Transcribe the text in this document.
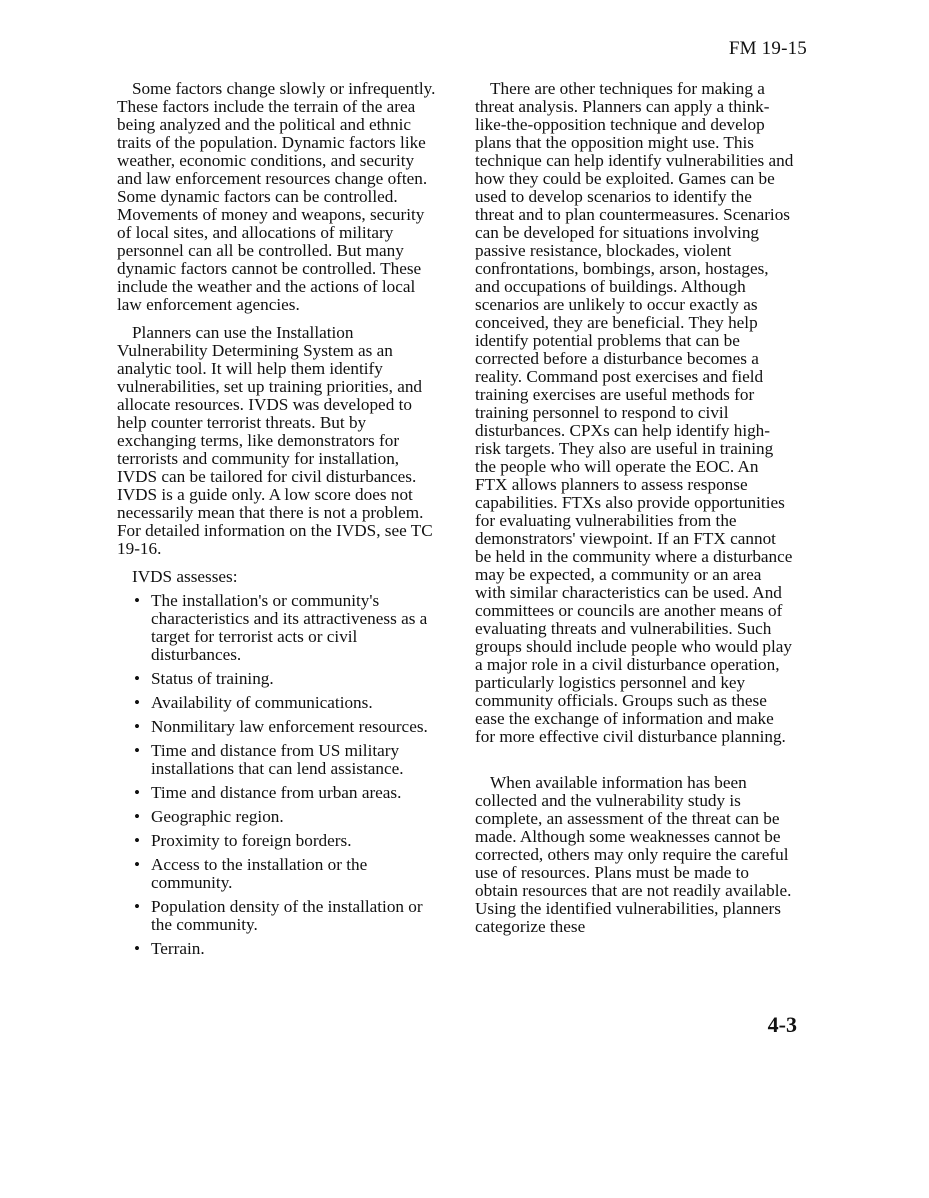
FM 19-15

Some factors change slowly or infrequently. These factors include the terrain of the area being analyzed and the political and ethnic traits of the population. Dynamic factors like weather, economic conditions, and security and law enforcement resources change often. Some dynamic factors can be controlled. Movements of money and weapons, security of local sites, and allocations of military personnel can all be controlled. But many dynamic factors cannot be controlled. These include the weather and the actions of local law enforcement agencies.

Planners can use the Installation Vulnerability Determining System as an analytic tool. It will help them identify vulnerabilities, set up training priorities, and allocate resources. IVDS was developed to help counter terrorist threats. But by exchanging terms, like demonstrators for terrorists and community for installation, IVDS can be tailored for civil disturbances. IVDS is a guide only. A low score does not necessarily mean that there is not a problem. For detailed information on the IVDS, see TC 19-16.

IVDS assesses:

• The installation's or community's characteristics and its attractiveness as a target for terrorist acts or civil disturbances.
• Status of training.
• Availability of communications.
• Nonmilitary law enforcement resources.
• Time and distance from US military installations that can lend assistance.
• Time and distance from urban areas.
• Geographic region.
• Proximity to foreign borders.
• Access to the installation or the community.
• Population density of the installation or the community.
• Terrain.

There are other techniques for making a threat analysis. Planners can apply a think-like-the-opposition technique and develop plans that the opposition might use. This technique can help identify vulnerabilities and how they could be exploited. Games can be used to develop scenarios to identify the threat and to plan countermeasures. Scenarios can be developed for situations involving passive resistance, blockades, violent confrontations, bombings, arson, hostages, and occupations of buildings. Although scenarios are unlikely to occur exactly as conceived, they are beneficial. They help identify potential problems that can be corrected before a disturbance becomes a reality. Command post exercises and field training exercises are useful methods for training personnel to respond to civil disturbances. CPXs can help identify high-risk targets. They also are useful in training the people who will operate the EOC. An FTX allows planners to assess response capabilities. FTXs also provide opportunities for evaluating vulnerabilities from the demonstrators' viewpoint. If an FTX cannot be held in the community where a disturbance may be expected, a community or an area with similar characteristics can be used. And committees or councils are another means of evaluating threats and vulnerabilities. Such groups should include people who would play a major role in a civil disturbance operation, particularly logistics personnel and key community officials. Groups such as these ease the exchange of information and make for more effective civil disturbance planning.

When available information has been collected and the vulnerability study is complete, an assessment of the threat can be made. Although some weaknesses cannot be corrected, others may only require the careful use of resources. Plans must be made to obtain resources that are not readily available. Using the identified vulnerabilities, planners categorize these

4-3
